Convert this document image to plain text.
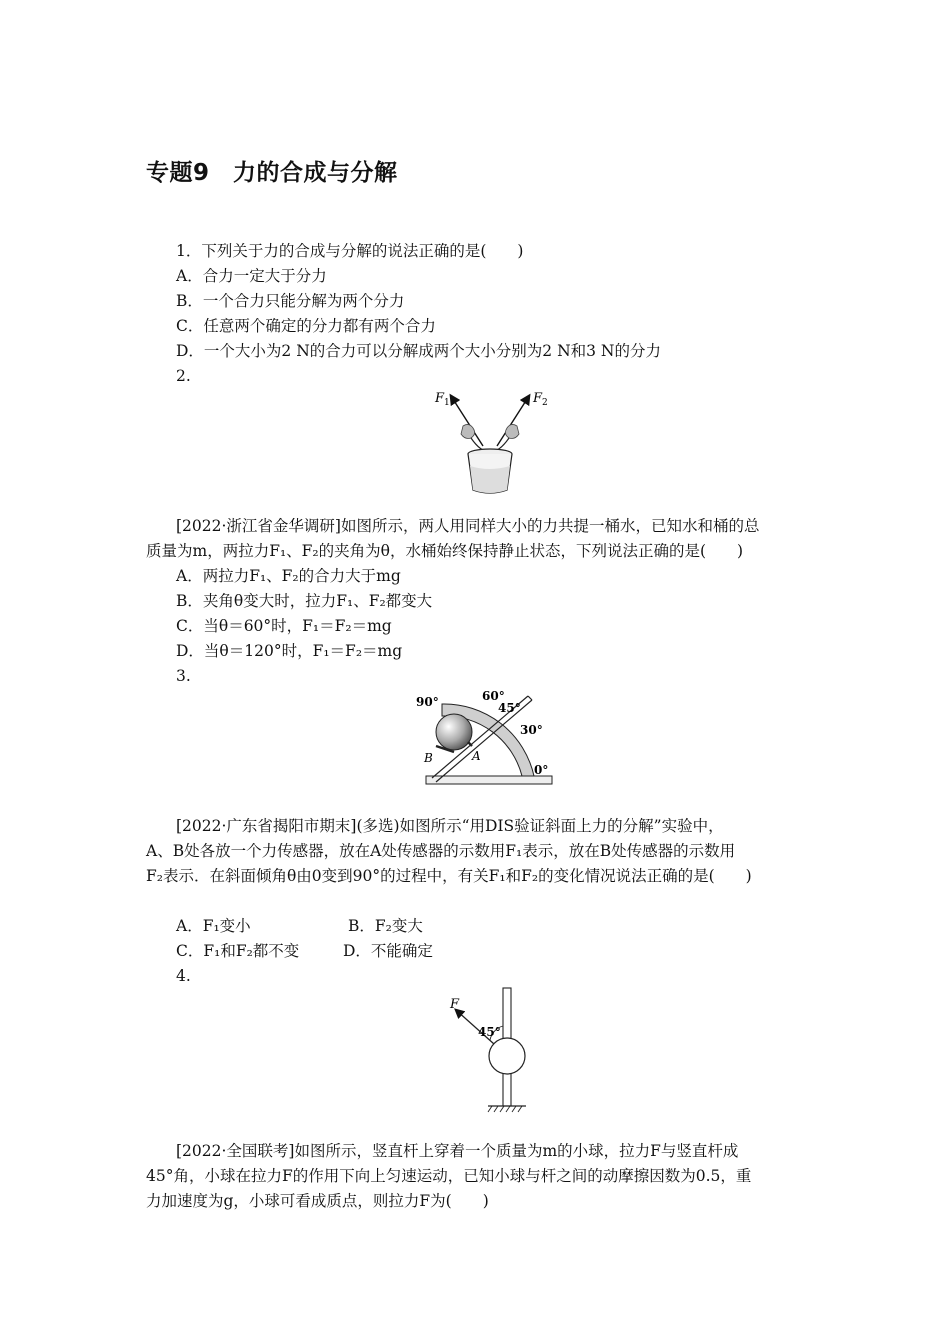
专题9　力的合成与分解
1．下列关于力的合成与分解的说法正确的是(　　)
A．合力一定大于分力
B．一个合力只能分解为两个分力
C．任意两个确定的分力都有两个合力
D．一个大小为2 N的合力可以分解成两个大小分别为2 N和3 N的分力
2.
$F_1$	$F_2$
[2022·浙江省金华调研]如图所示，两人用同样大小的力共提一桶水，已知水和桶的总
质量为m，两拉力F₁、F₂的夹角为θ，水桶始终保持静止状态，下列说法正确的是(　　)
A．两拉力F₁、F₂的合力大于mg
B．夹角θ变大时，拉力F₁、F₂都变大
C．当θ＝60°时，F₁＝F₂＝mg
D．当θ＝120°时，F₁＝F₂＝mg
3.
90°	60°
45°
30°
0°
A
B
[2022·广东省揭阳市期末](多选)如图所示“用DIS验证斜面上力的分解”实验中，
A、B处各放一个力传感器，放在A处传感器的示数用F₁表示，放在B处传感器的示数用
F₂表示．在斜面倾角θ由0变到90°的过程中，有关F₁和F₂的变化情况说法正确的是(　　)
A．F₁变小	B．F₂变大
C．F₁和F₂都不变	D．不能确定
4.
F
45°
[2022·全国联考]如图所示，竖直杆上穿着一个质量为m的小球，拉力F与竖直杆成
45°角，小球在拉力F的作用下向上匀速运动，已知小球与杆之间的动摩擦因数为0.5，重
力加速度为g，小球可看成质点，则拉力F为(　　)
